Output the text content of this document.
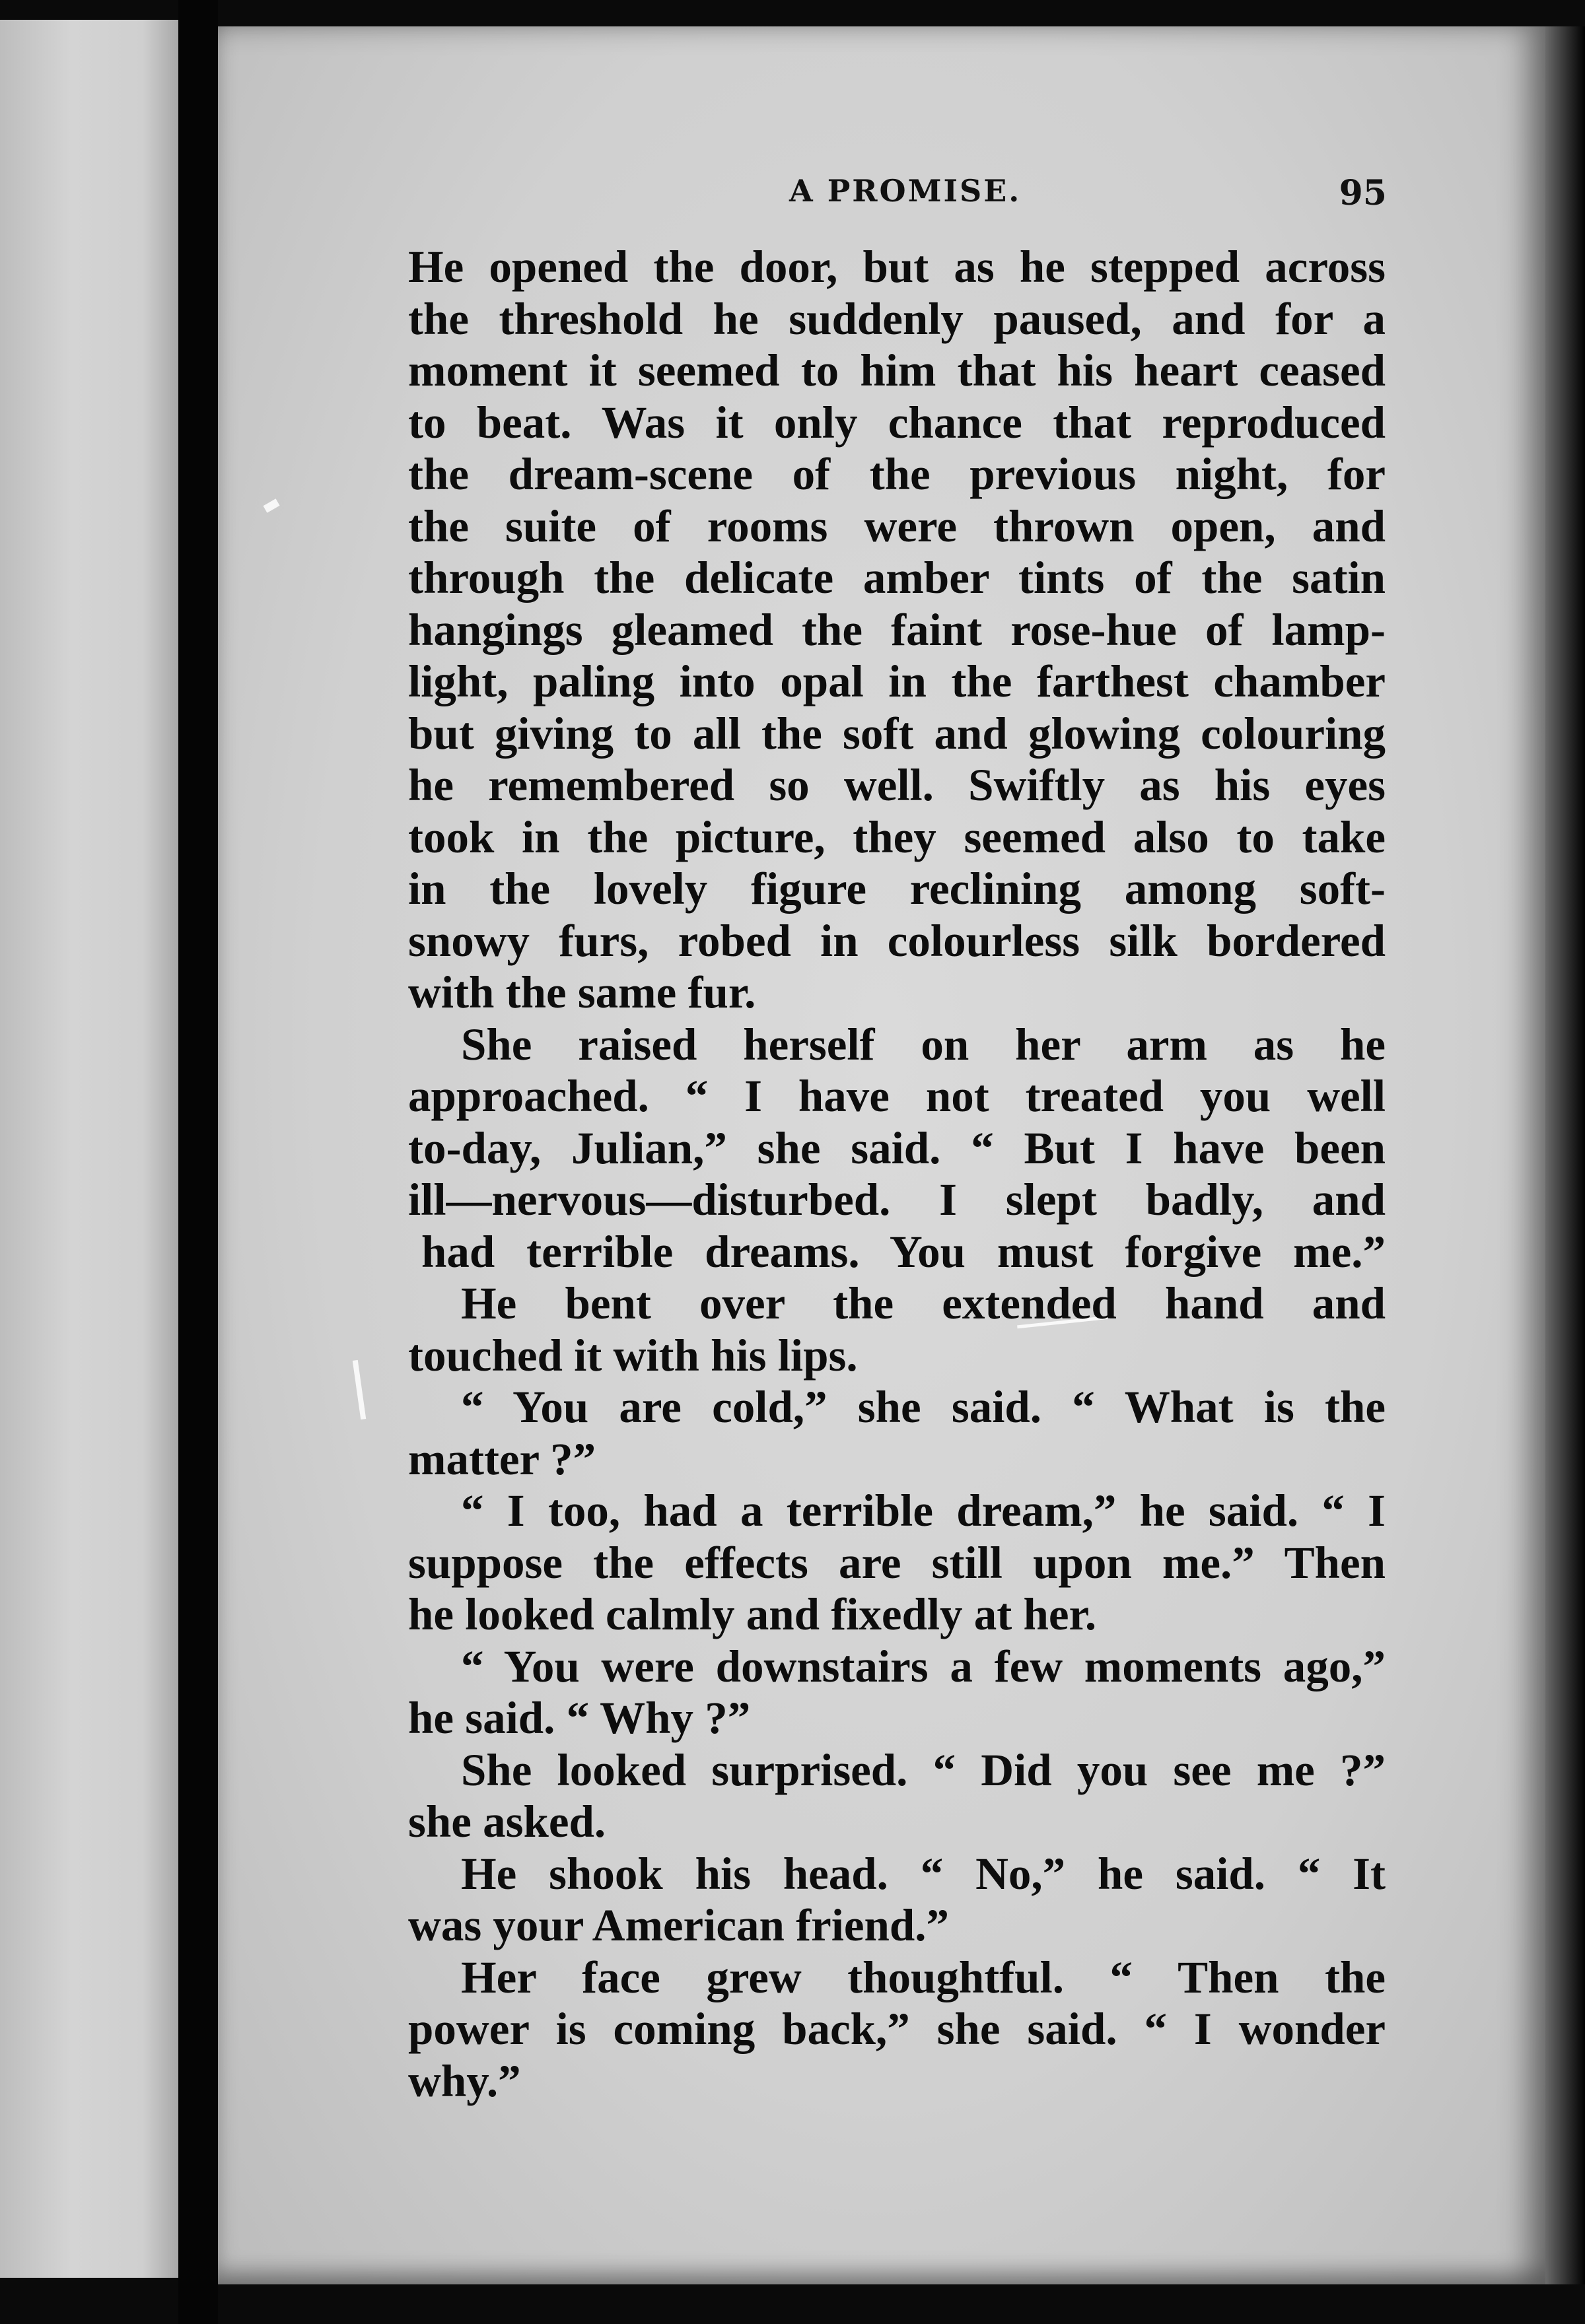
A PROMISE.	95
He opened the door, but as he stepped across
the threshold he suddenly paused, and for a
moment it seemed to him that his heart ceased
to beat. Was it only chance that reproduced
the dream-scene of the previous night, for
the suite of rooms were thrown open, and
through the delicate amber tints of the satin
hangings gleamed the faint rose-hue of lamp-
light, paling into opal in the farthest chamber
but giving to all the soft and glowing colouring
he remembered so well. Swiftly as his eyes
took in the picture, they seemed also to take
in the lovely figure reclining among soft-
snowy furs, robed in colourless silk bordered
with the same fur.
She raised herself on her arm as he
approached. “ I have not treated you well
to-day, Julian,” she said. “ But I have been
ill—nervous—disturbed. I slept badly, and
had terrible dreams. You must forgive me.”
He bent over the extended hand and
touched it with his lips.
“ You are cold,” she said. “ What is the
matter ?”
“ I too, had a terrible dream,” he said. “ I
suppose the effects are still upon me.” Then
he looked calmly and fixedly at her.
“ You were downstairs a few moments ago,”
he said. “ Why ?”
She looked surprised. “ Did you see me ?”
she asked.
He shook his head. “ No,” he said. “ It
was your American friend.”
Her face grew thoughtful. “ Then the
power is coming back,” she said. “ I wonder
why.”
